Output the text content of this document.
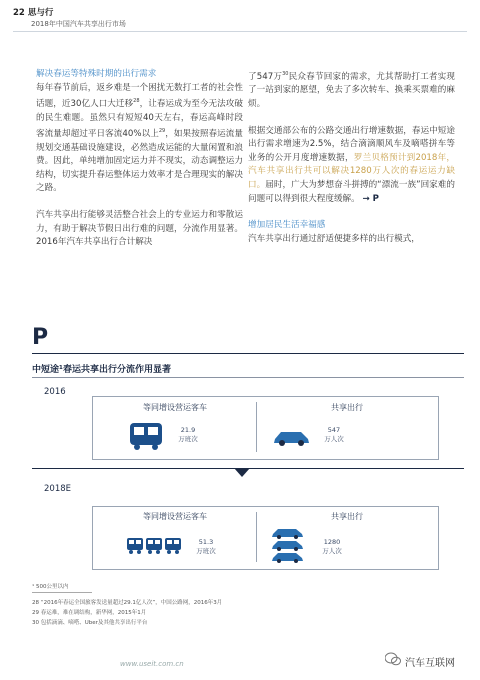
22 思与行
2018年中国汽车共享出行市场

解决春运等特殊时期的出行需求

每年春节前后，返乡难是一个困扰无数打工者的社会性话题，近30亿人口大迁移$^{28}$，让春运成为至今无法攻破的民生难题。虽然只有短短40天左右，春运高峰时段客流量却超过平日客流40%以上$^{29}$，如果按照春运流量规划交通基础设施建设，必然造成运能的大量闲置和浪费。因此，单纯增加固定运力并不现实，动态调整运力结构，切实提升春运整体运力效率才是合理现实的解决之路。

汽车共享出行能够灵活整合社会上的专业运力和零散运力，有助于解决节假日出行难的问题，分流作用显著。2016年汽车共享出行合计解决

了547万$^{30}$民众春节回家的需求，尤其帮助打工者实现了一站到家的愿望，免去了多次转车、换乘买票难的麻烦。

根据交通部公布的公路交通出行增速数据，春运中短途出行需求增速为2.5%，结合滴滴顺风车及嘀嗒拼车等业务的公开月度增速数据，罗兰贝格预计到2018年，汽车共享出行共可以解决1280万人次的春运运力缺口。届时，广大为梦想奋斗拼搏的“漂流一族”回家难的问题可以得到很大程度缓解。 → P

增加居民生活幸福感

汽车共享出行通过舒适便捷多样的出行模式，

P
中短途¹春运共享出行分流作用显著
2016
等同增设营运客车	共享出行
21.9
万班次
547
万人次
2018E
等同增设营运客车	共享出行
51.3
万班次
1280
万人次
¹ 500公里以内
28 “2016年春运全国旅客发送量超过29.1亿人次”，中国公路网，2016年3月
29 春运难，难在调结构，新华网，2015年1月
30 包括滴滴、嘀嗒、Uber及其他共享出行平台
www.useit.com.cn	汽车互联网
